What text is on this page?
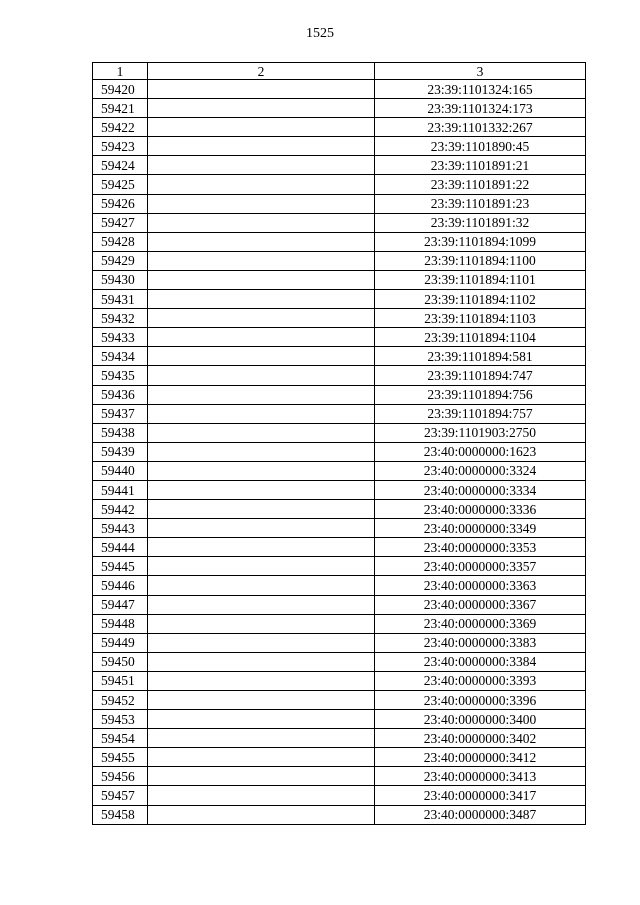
1525
1	2	3
59420		23:39:1101324:165
59421		23:39:1101324:173
59422		23:39:1101332:267
59423		23:39:1101890:45
59424		23:39:1101891:21
59425		23:39:1101891:22
59426		23:39:1101891:23
59427		23:39:1101891:32
59428		23:39:1101894:1099
59429		23:39:1101894:1100
59430		23:39:1101894:1101
59431		23:39:1101894:1102
59432		23:39:1101894:1103
59433		23:39:1101894:1104
59434		23:39:1101894:581
59435		23:39:1101894:747
59436		23:39:1101894:756
59437		23:39:1101894:757
59438		23:39:1101903:2750
59439		23:40:0000000:1623
59440		23:40:0000000:3324
59441		23:40:0000000:3334
59442		23:40:0000000:3336
59443		23:40:0000000:3349
59444		23:40:0000000:3353
59445		23:40:0000000:3357
59446		23:40:0000000:3363
59447		23:40:0000000:3367
59448		23:40:0000000:3369
59449		23:40:0000000:3383
59450		23:40:0000000:3384
59451		23:40:0000000:3393
59452		23:40:0000000:3396
59453		23:40:0000000:3400
59454		23:40:0000000:3402
59455		23:40:0000000:3412
59456		23:40:0000000:3413
59457		23:40:0000000:3417
59458		23:40:0000000:3487
